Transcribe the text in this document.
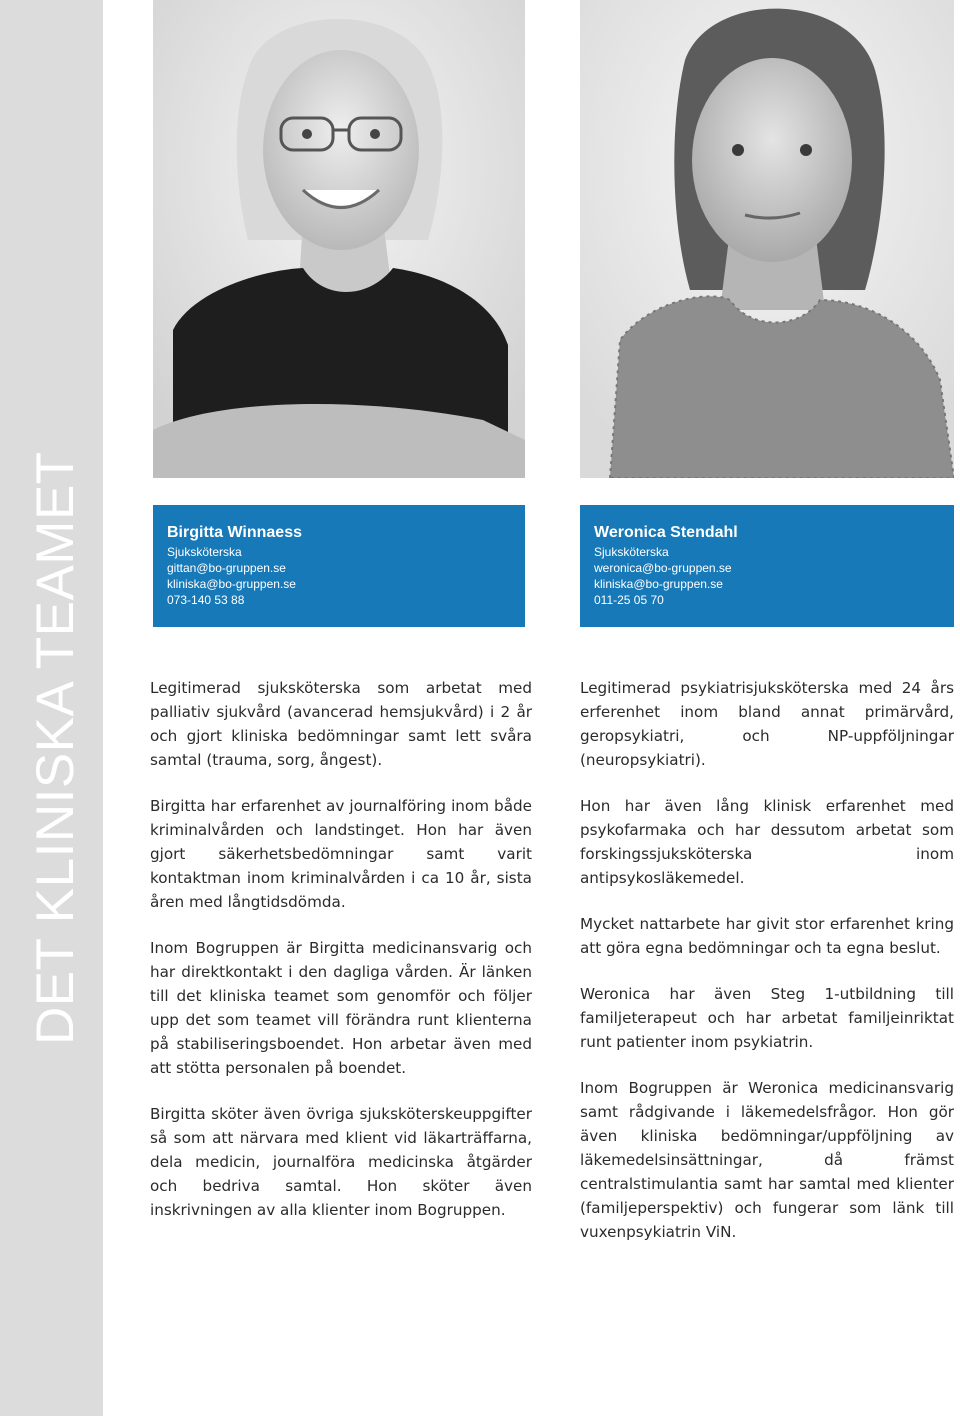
DET KLINISKA TEAMET	Birgitta Winnaess

Sjuksköterska

gittan@bo-gruppen.se

kliniska@bo-gruppen.se

073-140 53 88

Weronica Stendahl

Sjuksköterska

weronica@bo-gruppen.se

kliniska@bo-gruppen.se

011-25 05 70

Legitimerad sjuksköterska som arbetat med palliativ sjukvård (avancerad hemsjukvård) i 2 år och gjort kliniska bedömningar samt lett svåra samtal (trauma, sorg, ångest).

Birgitta har erfarenhet av journalföring inom både kriminalvården och landstinget. Hon har även gjort säkerhetsbedömningar samt varit kontaktman inom kriminalvården i ca 10 år, sista åren med långtidsdömda.

Inom Bogruppen är Birgitta medicinansvarig och har direktkontakt i den dagliga vården. Är länken till det kliniska teamet som genomför och följer upp det som teamet vill förändra runt klienterna på stabiliseringsboendet. Hon arbetar även med att stötta personalen på boendet.

Birgitta sköter även övriga sjuksköterskeuppgifter så som att närvara med klient vid läkarträffarna, dela medicin, journalföra medicinska åtgärder och bedriva samtal. Hon sköter även inskrivningen av alla klienter inom Bogruppen.

Legitimerad psykiatrisjuksköterska med 24 års erferenhet inom bland annat primärvård, geropsykiatri, och NP-uppföljningar (neuropsykiatri).

Hon har även lång klinisk erfarenhet med psykofarmaka och har dessutom arbetat som forskingssjuksköterska inom antipsykosläkemedel.

Mycket nattarbete har givit stor erfarenhet kring att göra egna bedömningar och ta egna beslut.

Weronica har även Steg 1-utbildning till familjeterapeut och har arbetat familjeinriktat runt patienter inom psykiatrin.

Inom Bogruppen är Weronica medicinansvarig samt rådgivande i läkemedelsfrågor. Hon gör även kliniska bedömningar/uppföljning av läkemedelsinsättningar, då främst centralstimulantia samt har samtal med klienter (familjeperspektiv) och fungerar som länk till vuxenpsykiatrin ViN.
